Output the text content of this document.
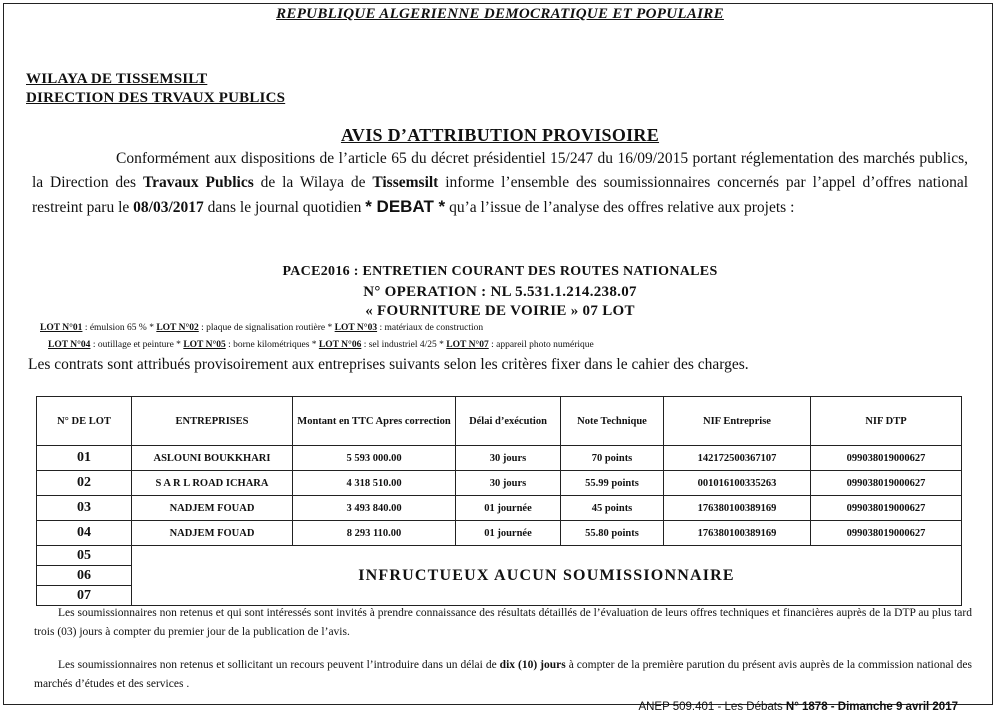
REPUBLIQUE ALGERIENNE DEMOCRATIQUE ET POPULAIRE
WILAYA DE TISSEMSILT
DIRECTION DES TRVAUX PUBLICS
AVIS D’ATTRIBUTION PROVISOIRE
Conformément aux dispositions de l’article 65 du décret présidentiel 15/247 du 16/09/2015 portant réglementation des marchés publics, la Direction des Travaux Publics de la Wilaya de Tissemsilt informe l’ensemble des soumissionnaires concernés par l’appel d’offres national restreint paru le 08/03/2017 dans le journal quotidien * DEBAT * qu’a l’issue de l’analyse des offres relative aux projets :
PACE2016 : ENTRETIEN COURANT DES ROUTES NATIONALES
N° OPERATION : NL 5.531.1.214.238.07
« FOURNITURE DE VOIRIE » 07 LOT
LOT N°01 : émulsion 65 % * LOT N°02 : plaque de signalisation routière * LOT N°03 : matériaux de construction
LOT N°04 : outillage et peinture * LOT N°05 : borne kilométriques * LOT N°06 : sel industriel 4/25 * LOT N°07 : appareil photo numérique
Les contrats sont attribués provisoirement aux entreprises suivants selon les critères fixer dans le cahier des charges.
N° DE LOT	ENTREPRISES	Montant en TTC Apres correction	Délai d’exécution	Note Technique	NIF Entreprise	NIF DTP
01	ASLOUNI BOUKKHARI	5 593 000.00	30 jours	70 points	142172500367107	099038019000627
02	S A R L ROAD ICHARA	4 318 510.00	30 jours	55.99 points	001016100335263	099038019000627
03	NADJEM FOUAD	3 493 840.00	01 journée	45 points	176380100389169	099038019000627
04	NADJEM FOUAD	8 293 110.00	01 journée	55.80 points	176380100389169	099038019000627
05	INFRUCTUEUX AUCUN SOUMISSIONNAIRE					
06						
07						
Les soumissionnaires non retenus et qui sont intéressés sont invités à prendre connaissance des résultats détaillés de l’évaluation de leurs offres techniques et financières auprès de la DTP au plus tard trois (03) jours à compter du premier jour de la publication de l’avis.
Les soumissionnaires non retenus et sollicitant un recours peuvent l’introduire dans un délai de dix (10) jours à compter de la première parution du présent avis auprès de la commission national des marchés d’études et des services .
ANEP 509.401 - Les Débats N° 1878 - Dimanche 9 avril 2017
